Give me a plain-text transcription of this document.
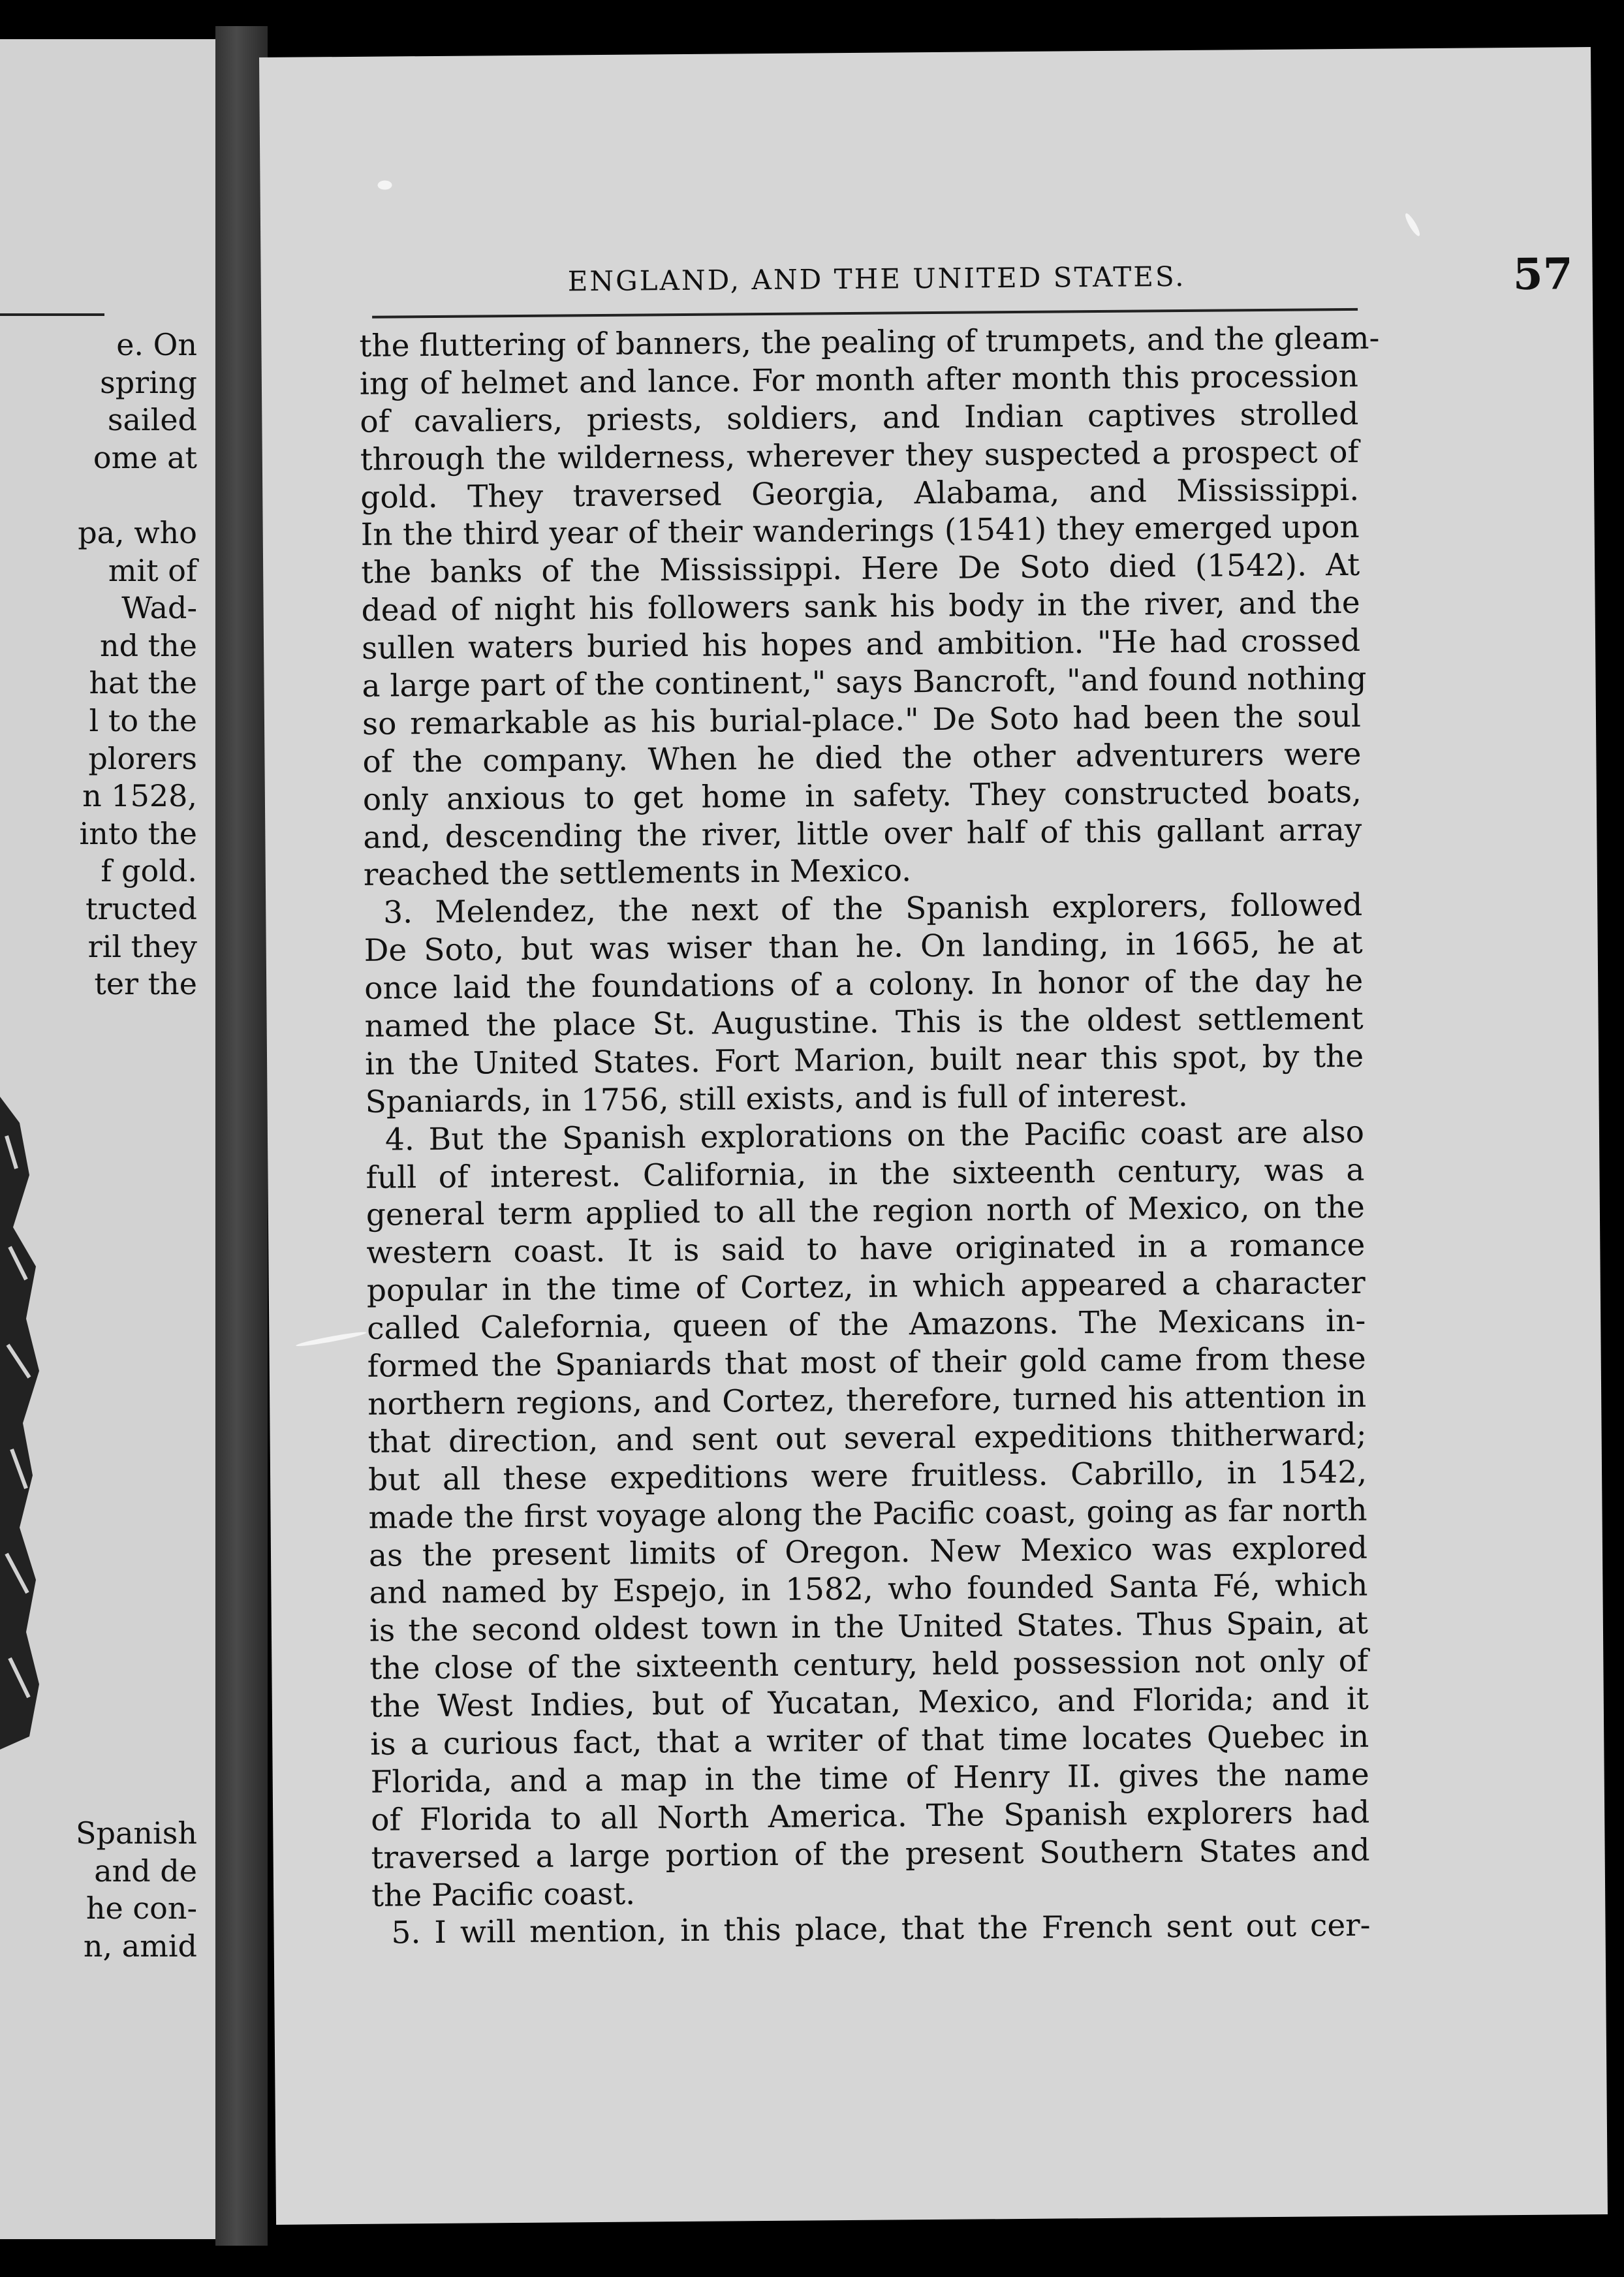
e. On
spring
sailed
ome at
pa, who
mit of
Wad-
nd the
hat the
l to the
plorers
n 1528,
into the
f gold.
tructed
ril they
ter the
Spanish
and de
he con-
n, amid
ENGLAND, AND THE UNITED STATES.	57
the fluttering of banners, the pealing of trumpets, and the gleam-
ing of helmet and lance. For month after month this procession
of cavaliers, priests, soldiers, and Indian captives strolled
through the wilderness, wherever they suspected a prospect of
gold. They traversed Georgia, Alabama, and Mississippi.
In the third year of their wanderings (1541) they emerged upon
the banks of the Mississippi. Here De Soto died (1542). At
dead of night his followers sank his body in the river, and the
sullen waters buried his hopes and ambition. "He had crossed
a large part of the continent," says Bancroft, "and found nothing
so remarkable as his burial-place." De Soto had been the soul
of the company. When he died the other adventurers were
only anxious to get home in safety. They constructed boats,
and, descending the river, little over half of this gallant array
reached the settlements in Mexico.
3. Melendez, the next of the Spanish explorers, followed
De Soto, but was wiser than he. On landing, in 1665, he at
once laid the foundations of a colony. In honor of the day he
named the place St. Augustine. This is the oldest settlement
in the United States. Fort Marion, built near this spot, by the
Spaniards, in 1756, still exists, and is full of interest.
4. But the Spanish explorations on the Pacific coast are also
full of interest. California, in the sixteenth century, was a
general term applied to all the region north of Mexico, on the
western coast. It is said to have originated in a romance
popular in the time of Cortez, in which appeared a character
called Calefornia, queen of the Amazons. The Mexicans in-
formed the Spaniards that most of their gold came from these
northern regions, and Cortez, therefore, turned his attention in
that direction, and sent out several expeditions thitherward;
but all these expeditions were fruitless. Cabrillo, in 1542,
made the first voyage along the Pacific coast, going as far north
as the present limits of Oregon. New Mexico was explored
and named by Espejo, in 1582, who founded Santa Fé, which
is the second oldest town in the United States. Thus Spain, at
the close of the sixteenth century, held possession not only of
the West Indies, but of Yucatan, Mexico, and Florida; and it
is a curious fact, that a writer of that time locates Quebec in
Florida, and a map in the time of Henry II. gives the name
of Florida to all North America. The Spanish explorers had
traversed a large portion of the present Southern States and
the Pacific coast.
5. I will mention, in this place, that the French sent out cer-
